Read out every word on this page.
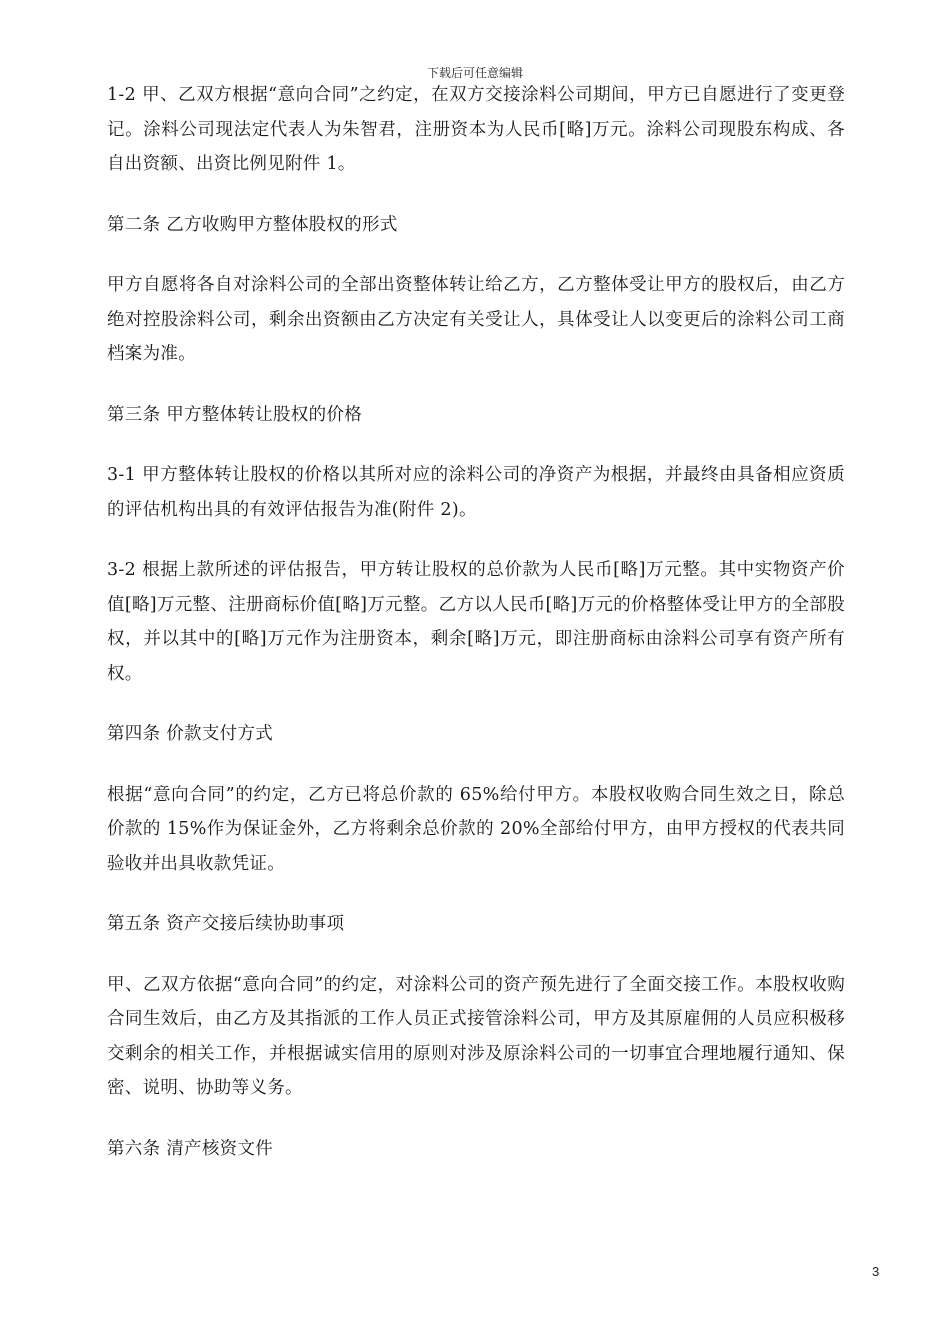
下载后可任意编辑

1-2 甲、乙双方根据“意向合同”之约定，在双方交接涂料公司期间，甲方已自愿进行了变更登记。涂料公司现法定代表人为朱智君，注册资本为人民币[略]万元。涂料公司现股东构成、各自出资额、出资比例见附件 1。

第二条 乙方收购甲方整体股权的形式

甲方自愿将各自对涂料公司的全部出资整体转让给乙方，乙方整体受让甲方的股权后，由乙方绝对控股涂料公司，剩余出资额由乙方决定有关受让人，具体受让人以变更后的涂料公司工商档案为准。

第三条 甲方整体转让股权的价格

3-1 甲方整体转让股权的价格以其所对应的涂料公司的净资产为根据，并最终由具备相应资质的评估机构出具的有效评估报告为准(附件 2)。

3-2 根据上款所述的评估报告，甲方转让股权的总价款为人民币[略]万元整。其中实物资产价值[略]万元整、注册商标价值[略]万元整。乙方以人民币[略]万元的价格整体受让甲方的全部股权，并以其中的[略]万元作为注册资本，剩余[略]万元，即注册商标由涂料公司享有资产所有权。

第四条 价款支付方式

根据“意向合同”的约定，乙方已将总价款的 65%给付甲方。本股权收购合同生效之日，除总价款的 15%作为保证金外，乙方将剩余总价款的 20%全部给付甲方，由甲方授权的代表共同验收并出具收款凭证。

第五条 资产交接后续协助事项

甲、乙双方依据“意向合同”的约定，对涂料公司的资产预先进行了全面交接工作。本股权收购合同生效后，由乙方及其指派的工作人员正式接管涂料公司，甲方及其原雇佣的人员应积极移交剩余的相关工作，并根据诚实信用的原则对涉及原涂料公司的一切事宜合理地履行通知、保密、说明、协助等义务。

第六条 清产核资文件

3
